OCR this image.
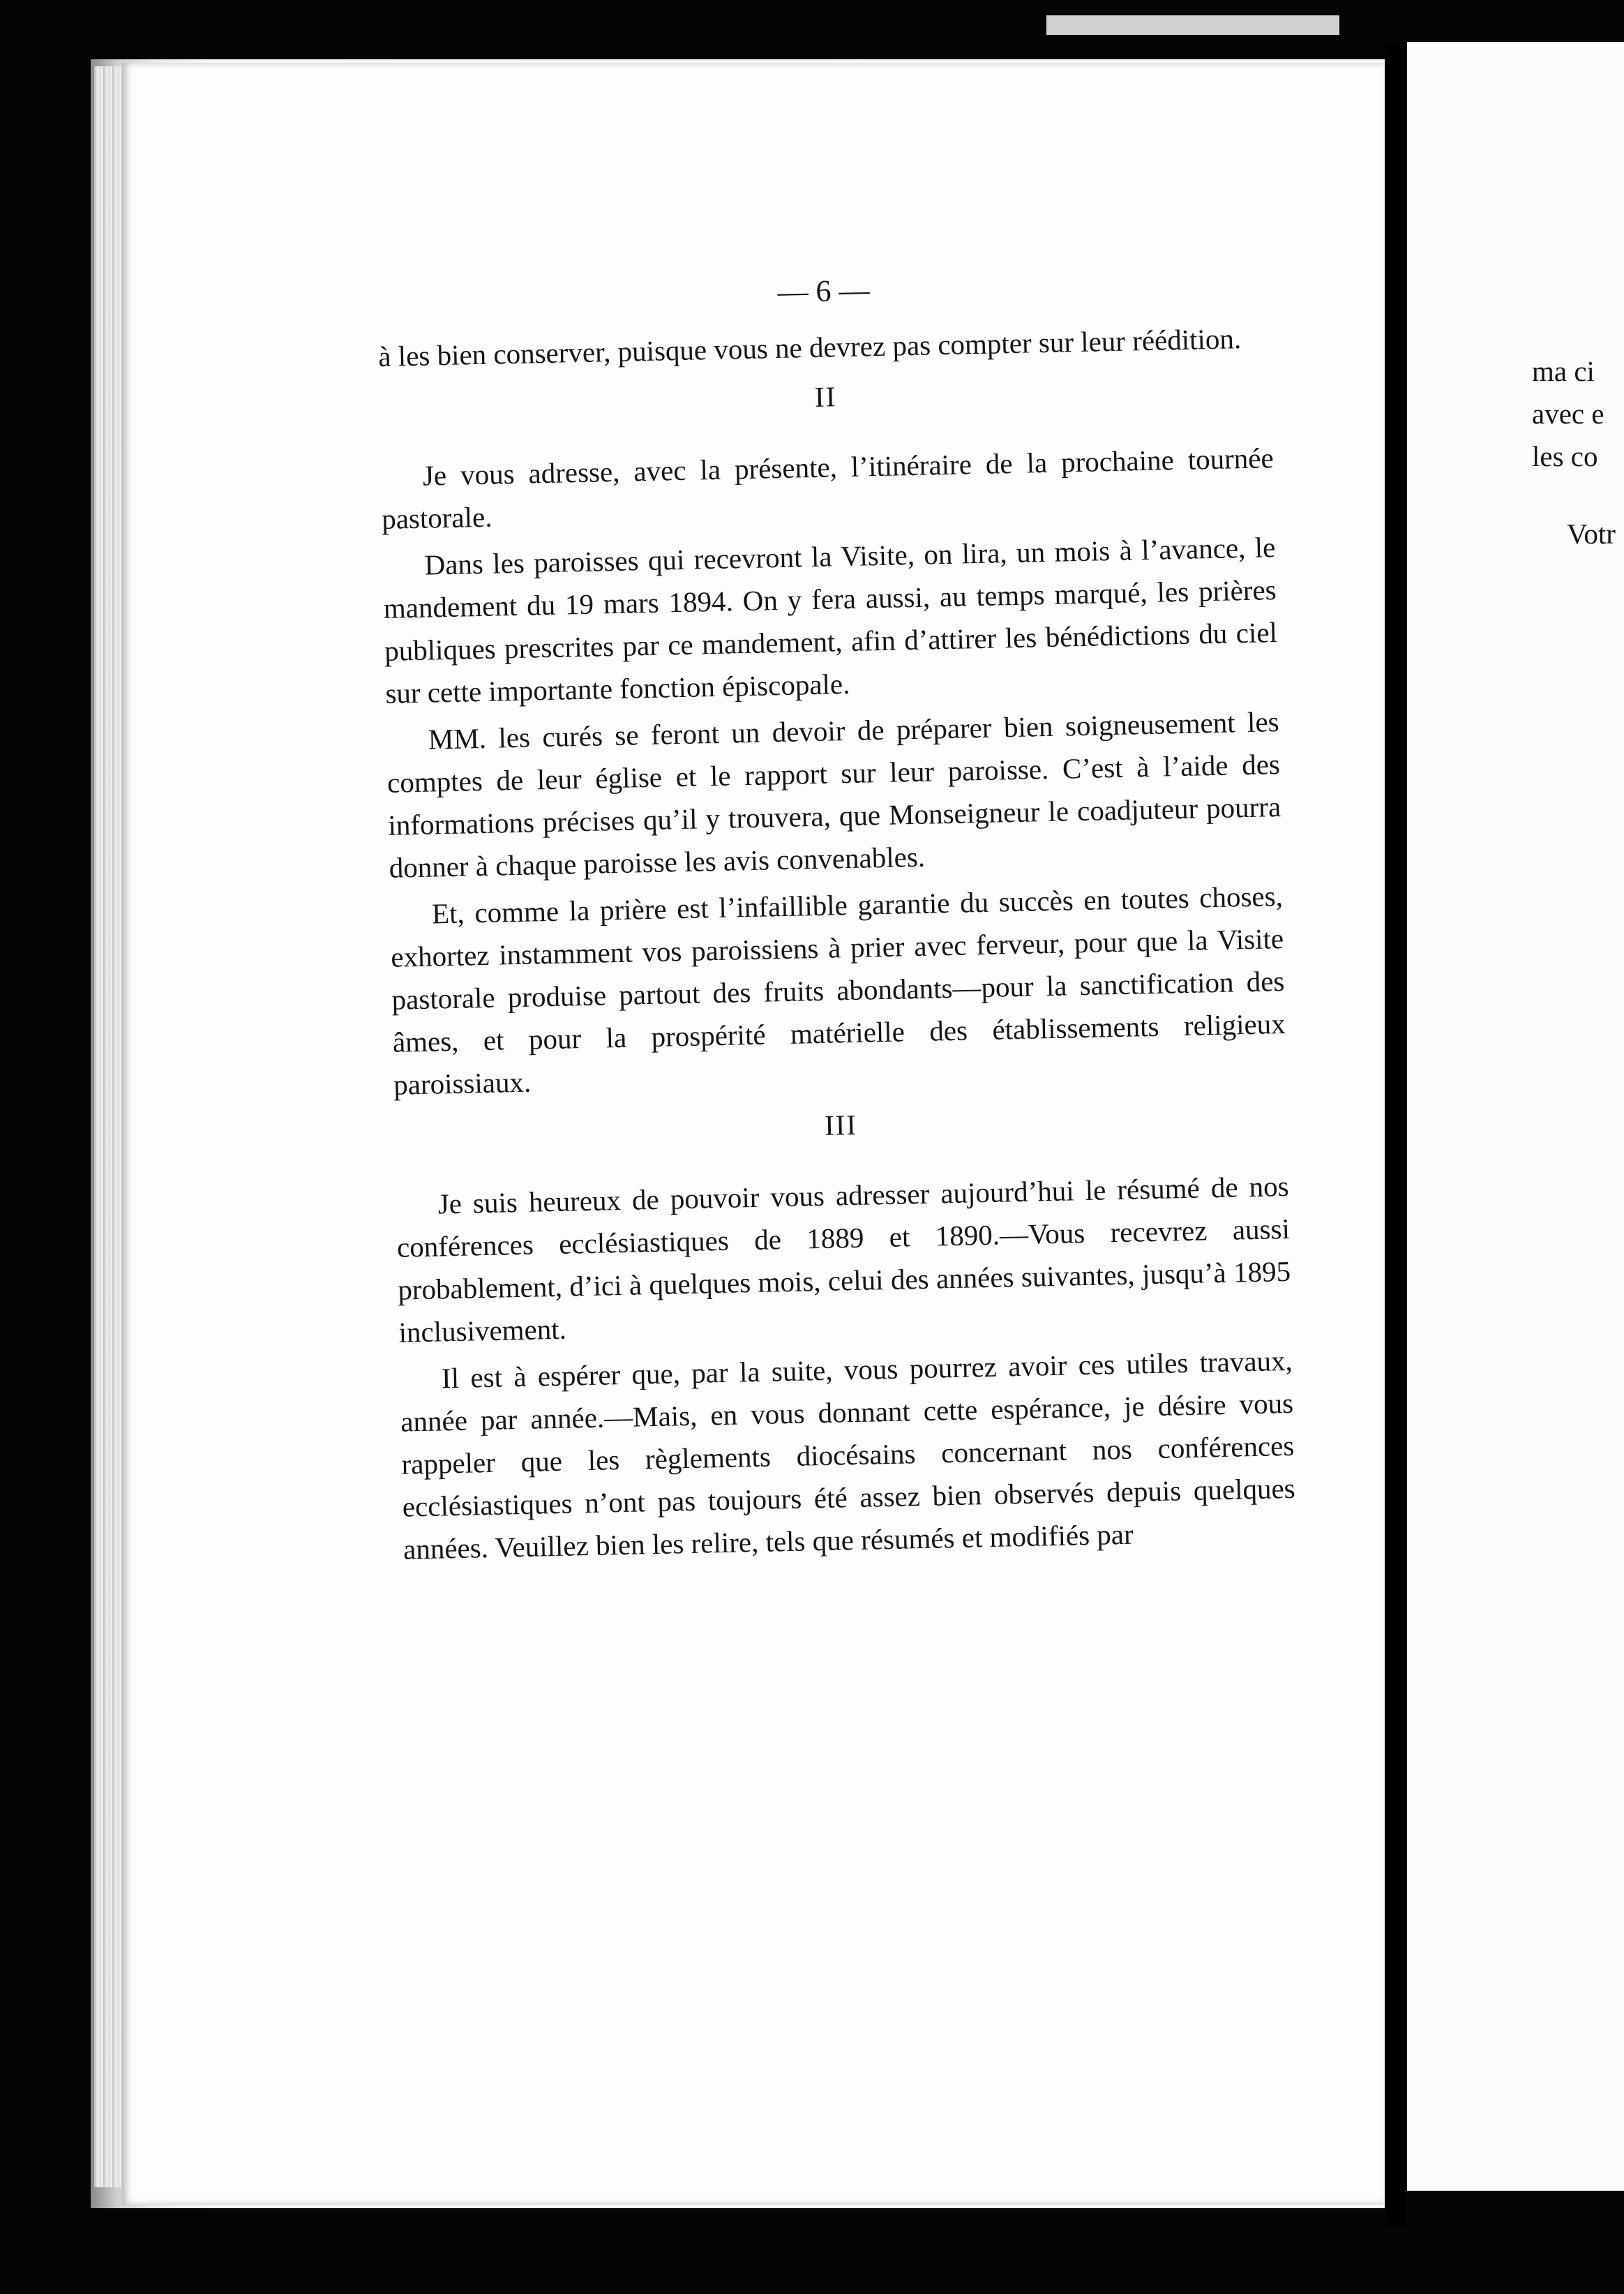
— 6 —

à les bien conserver, puisque vous ne devrez pas compter sur leur réédition.

II

Je vous adresse, avec la présente, l’itinéraire de la prochaine tournée pastorale.

Dans les paroisses qui recevront la Visite, on lira, un mois à l’avance, le mandement du 19 mars 1894. On y fera aussi, au temps marqué, les prières publiques prescrites par ce mandement, afin d’attirer les bénédictions du ciel sur cette importante fonction épiscopale.

MM. les curés se feront un devoir de préparer bien soigneusement les comptes de leur église et le rapport sur leur paroisse. C’est à l’aide des informations précises qu’il y trouvera, que Monseigneur le coadjuteur pourra donner à chaque paroisse les avis convenables.

Et, comme la prière est l’infaillible garantie du succès en toutes choses, exhortez instamment vos paroissiens à prier avec ferveur, pour que la Visite pastorale produise partout des fruits abondants—pour la sanctification des âmes, et pour la prospérité matérielle des établissements religieux paroissiaux.

III

Je suis heureux de pouvoir vous adresser aujourd’hui le résumé de nos conférences ecclésiastiques de 1889 et 1890.—Vous recevrez aussi probablement, d’ici à quelques mois, celui des années suivantes, jusqu’à 1895 inclusivement.

Il est à espérer que, par la suite, vous pourrez avoir ces utiles travaux, année par année.—Mais, en vous donnant cette espérance, je désire vous rappeler que les règlements diocésains concernant nos conférences ecclésiastiques n’ont pas toujours été assez bien observés depuis quelques années. Veuillez bien les relire, tels que résumés et modifiés par

ma ci
avec e
les co
Votr
